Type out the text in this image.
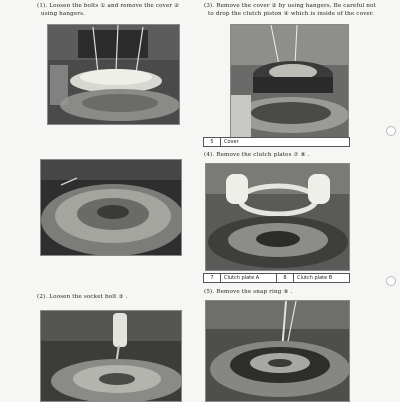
(1). Loosen the bolts ① and remove the cover ②
using hangers.

(3). Remove the cover ② by using hangers. Be careful not
to drop the clutch piston ④ which is inside of the cover.

5	Cover

(4). Remove the clutch plates ⑦ ⑧ .

7	Clutch plate A	8	Clutch plate B

(2). Loosen the socket bolt ③ .

(5). Remove the snap ring ⑨ .
